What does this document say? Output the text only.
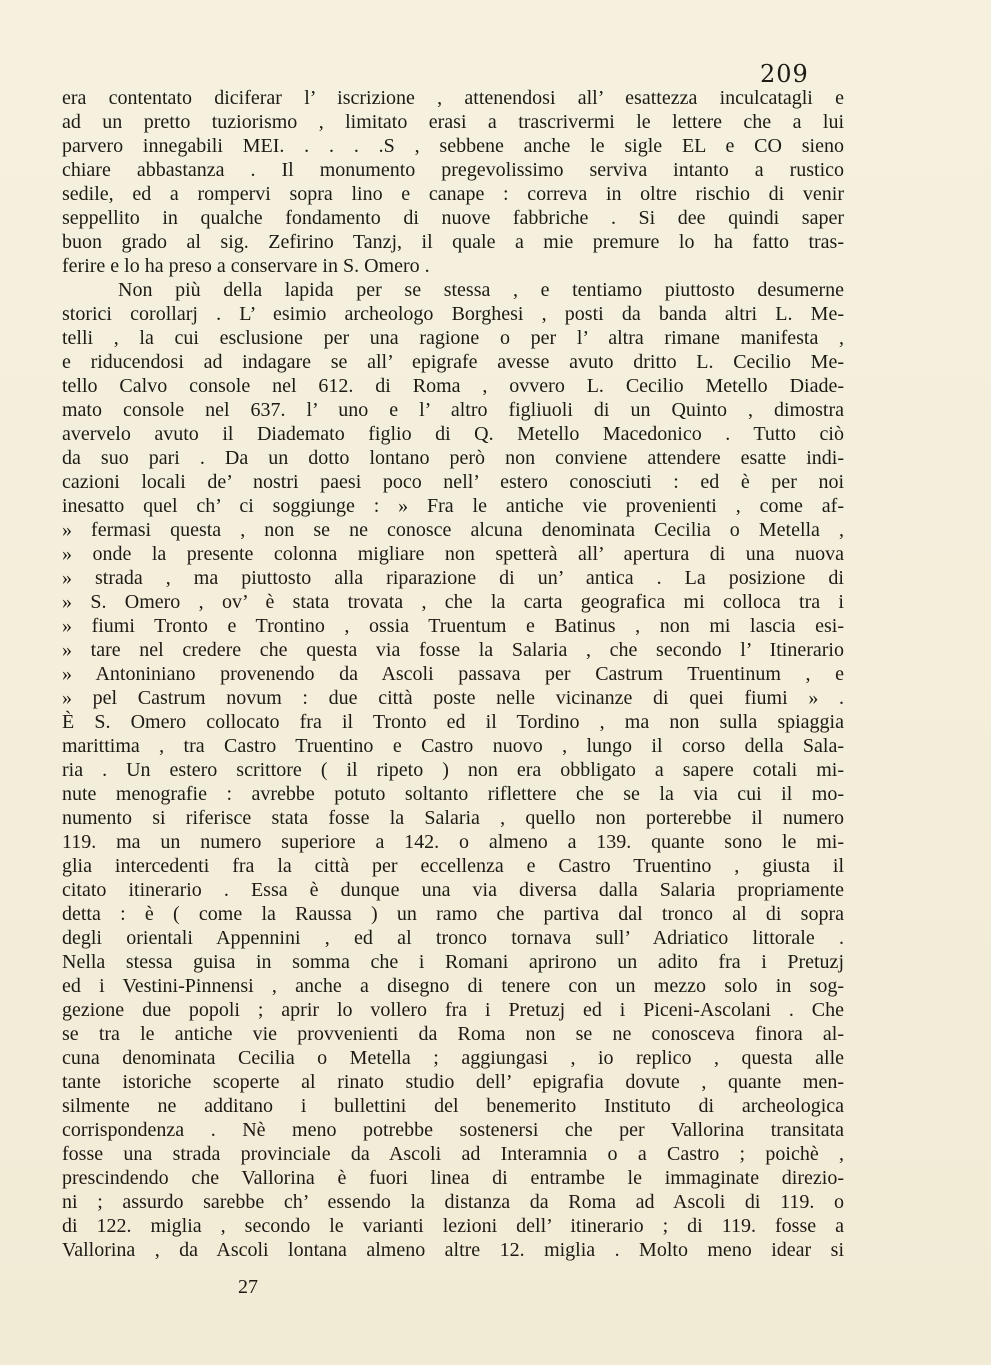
209
era contentato diciferar l’ iscrizione , attenendosi all’ esattezza inculcatagli e
ad un pretto tuziorismo , limitato erasi a trascrivermi le lettere che a lui
parvero innegabili MEI. . . . .S , sebbene anche le sigle EL e CO sieno
chiare abbastanza . Il monumento pregevolissimo serviva intanto a rustico
sedile, ed a rompervi sopra lino e canape : correva in oltre rischio di venir
seppellito in qualche fondamento di nuove fabbriche . Si dee quindi saper
buon grado al sig. Zefirino Tanzj, il quale a mie premure lo ha fatto tras-
ferire e lo ha preso a conservare in S. Omero .
Non più della lapida per se stessa , e tentiamo piuttosto desumerne
storici corollarj . L’ esimio archeologo Borghesi , posti da banda altri L. Me-
telli , la cui esclusione per una ragione o per l’ altra rimane manifesta ,
e riducendosi ad indagare se all’ epigrafe avesse avuto dritto L. Cecilio Me-
tello Calvo console nel 612. di Roma , ovvero L. Cecilio Metello Diade-
mato console nel 637. l’ uno e l’ altro figliuoli di un Quinto , dimostra
avervelo avuto il Diademato figlio di Q. Metello Macedonico . Tutto ciò
da suo pari . Da un dotto lontano però non conviene attendere esatte indi-
cazioni locali de’ nostri paesi poco nell’ estero conosciuti : ed è per noi
inesatto quel ch’ ci soggiunge : » Fra le antiche vie provenienti , come af-
» fermasi questa , non se ne conosce alcuna denominata Cecilia o Metella ,
» onde la presente colonna migliare non spetterà all’ apertura di una nuova
» strada , ma piuttosto alla riparazione di un’ antica . La posizione di
» S. Omero , ov’ è stata trovata , che la carta geografica mi colloca tra i
» fiumi Tronto e Trontino , ossia Truentum e Batinus , non mi lascia esi-
» tare nel credere che questa via fosse la Salaria , che secondo l’ Itinerario
» Antoniniano provenendo da Ascoli passava per Castrum Truentinum , e
» pel Castrum novum : due città poste nelle vicinanze di quei fiumi » .
È S. Omero collocato fra il Tronto ed il Tordino , ma non sulla spiaggia
marittima , tra Castro Truentino e Castro nuovo , lungo il corso della Sala-
ria . Un estero scrittore ( il ripeto ) non era obbligato a sapere cotali mi-
nute menografie : avrebbe potuto soltanto riflettere che se la via cui il mo-
numento si riferisce stata fosse la Salaria , quello non porterebbe il numero
119. ma un numero superiore a 142. o almeno a 139. quante sono le mi-
glia intercedenti fra la città per eccellenza e Castro Truentino , giusta il
citato itinerario . Essa è dunque una via diversa dalla Salaria propriamente
detta : è ( come la Raussa ) un ramo che partiva dal tronco al di sopra
degli orientali Appennini , ed al tronco tornava sull’ Adriatico littorale .
Nella stessa guisa in somma che i Romani aprirono un adito fra i Pretuzj
ed i Vestini-Pinnensi , anche a disegno di tenere con un mezzo solo in sog-
gezione due popoli ; aprir lo vollero fra i Pretuzj ed i Piceni-Ascolani . Che
se tra le antiche vie provvenienti da Roma non se ne conosceva finora al-
cuna denominata Cecilia o Metella ; aggiungasi , io replico , questa alle
tante istoriche scoperte al rinato studio dell’ epigrafia dovute , quante men-
silmente ne additano i bullettini del benemerito Instituto di archeologica
corrispondenza . Nè meno potrebbe sostenersi che per Vallorina transitata
fosse una strada provinciale da Ascoli ad Interamnia o a Castro ; poichè ,
prescindendo che Vallorina è fuori linea di entrambe le immaginate direzio-
ni ; assurdo sarebbe ch’ essendo la distanza da Roma ad Ascoli di 119. o
di 122. miglia , secondo le varianti lezioni dell’ itinerario ; di 119. fosse a
Vallorina , da Ascoli lontana almeno altre 12. miglia . Molto meno idear si
27
